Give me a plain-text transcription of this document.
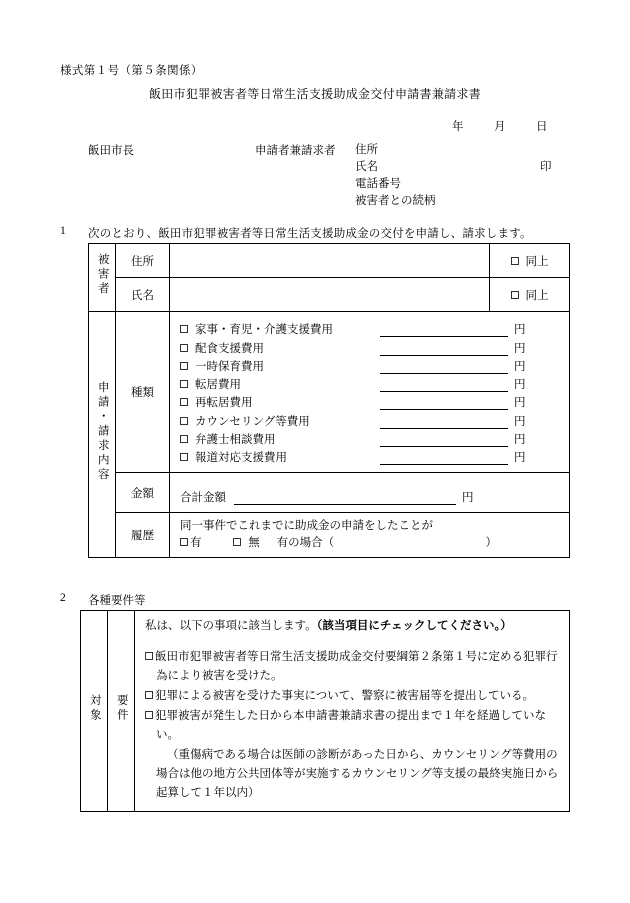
様式第１号（第５条関係）
飯田市犯罪被害者等日常生活支援助成金交付申請書兼請求書
年	月	日
飯田市長	申請者兼請求者 住所
氏名	印
電話番号
被害者との続柄
1 次のとおり、飯田市犯罪被害者等日常生活支援助成金の交付を申請し、請求します。
被害者	住所		同上
	氏名		同上
申請・請求内容	種類	
家事・育児・介護支援費用	円
配食支援費用	円
一時保育費用	円
転居費用	円
再転居費用	円
カウンセリング等費用	円
弁護士相談費用	円
報道対応支援費用	円

	金額	合計金額 円	

	履歴	同一事件でこれまでに助成金の申請をしたことが
有 無 有の場合（ ）	
2 各種要件等
対象	要件	
私は、以下の事項に該当します。（該当項目にチェックしてください。）
飯田市犯罪被害者等日常生活支援助成金交付要綱第２条第１号に定める犯罪行為により被害を受けた。
犯罪による被害を受けた事実について、警察に被害届等を提出している。
犯罪被害が発生した日から本申請書兼請求書の提出まで１年を経過していない。
（重傷病である場合は医師の診断があった日から、カウンセリング等費用の場合は他の地方公共団体等が実施するカウンセリング等支援の最終実施日から起算して１年以内）
